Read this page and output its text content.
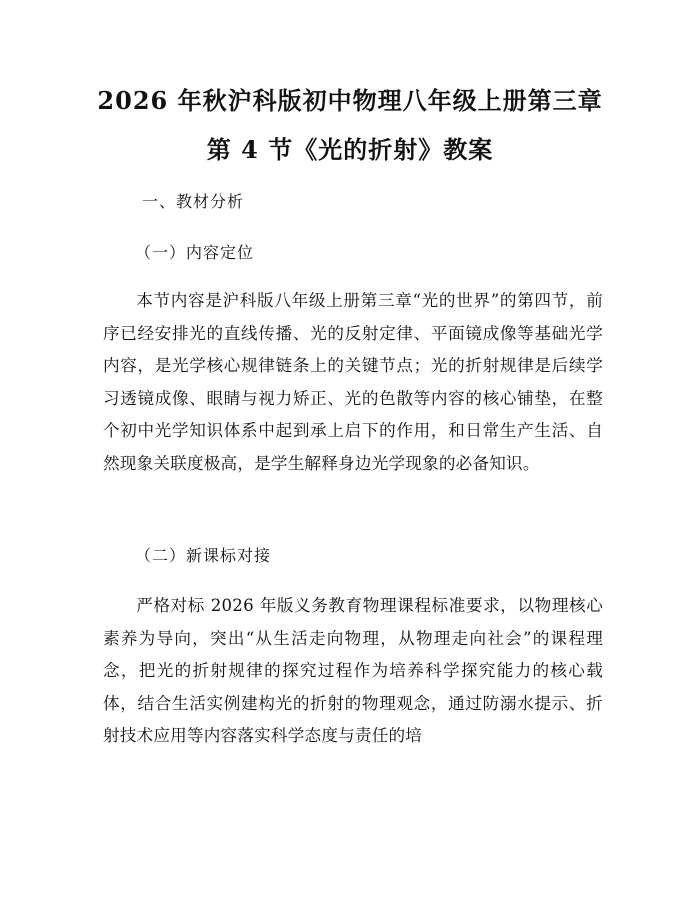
2026 年秋沪科版初中物理八年级上册第三章
第 4 节《光的折射》教案
一、教材分析
（一）内容定位
本节内容是沪科版八年级上册第三章“光的世界”的第四节，前序已经安排光的直线传播、光的反射定律、平面镜成像等基础光学内容，是光学核心规律链条上的关键节点；光的折射规律是后续学习透镜成像、眼睛与视力矫正、光的色散等内容的核心铺垫，在整个初中光学知识体系中起到承上启下的作用，和日常生产生活、自然现象关联度极高，是学生解释身边光学现象的必备知识。
（二）新课标对接
严格对标 2026 年版义务教育物理课程标准要求，以物理核心素养为导向，突出“从生活走向物理，从物理走向社会”的课程理念，把光的折射规律的探究过程作为培养科学探究能力的核心载体，结合生活实例建构光的折射的物理观念，通过防溺水提示、折射技术应用等内容落实科学态度与责任的培
